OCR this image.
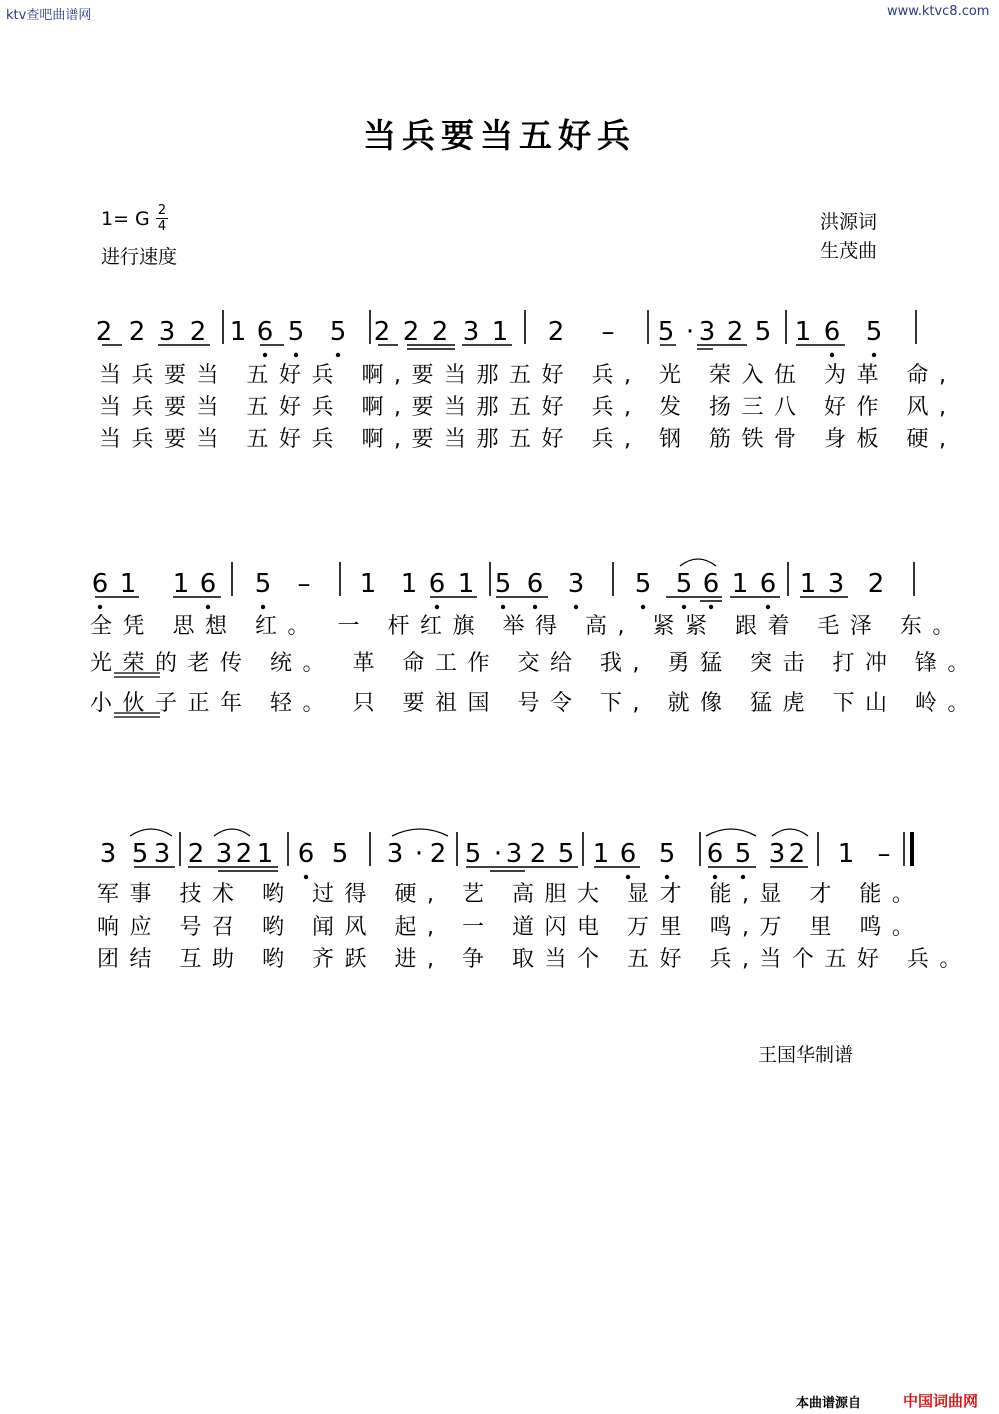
ktv查吧曲谱网	www.ktvc8.com
当兵要当五好兵
1= G 2
4
进行速度
洪源词
生茂曲
2 2 3 2 1 6 5 5 2 2 2 3 1 2 – 5 · 3 2 5 1 6 5
6 1 1 6 5 – 1 1 6 1 5 6 3 5 5 6 1 6 1 3 2
3 5 3 2 3 2 1 6 5 3 · 2 5 · 3 2 5 1 6 5 6 5 3 2 1 –
当兵要当 五好兵 啊,要当那五好 兵, 光 荣入伍 为革 命,
当兵要当 五好兵 啊,要当那五好 兵, 发 扬三八 好作 风,
当兵要当 五好兵 啊,要当那五好 兵, 钢 筋铁骨 身板 硬,
全凭 思想 红。 一 杆红旗 举得 高, 紧紧 跟着 毛泽 东。
光荣的老传 统。 革 命工作 交给 我, 勇猛 突击 打冲 锋。
小伙子正年 轻。 只 要祖国 号令 下, 就像 猛虎 下山 岭。
军事 技术 哟 过得 硬, 艺 高胆大 显才 能,显 才 能。
响应 号召 哟 闻风 起, 一 道闪电 万里 鸣,万 里 鸣。
团结 互助 哟 齐跃 进, 争 取当个 五好 兵,当个五好 兵。
王国华制谱
本曲谱源自	中国词曲网
